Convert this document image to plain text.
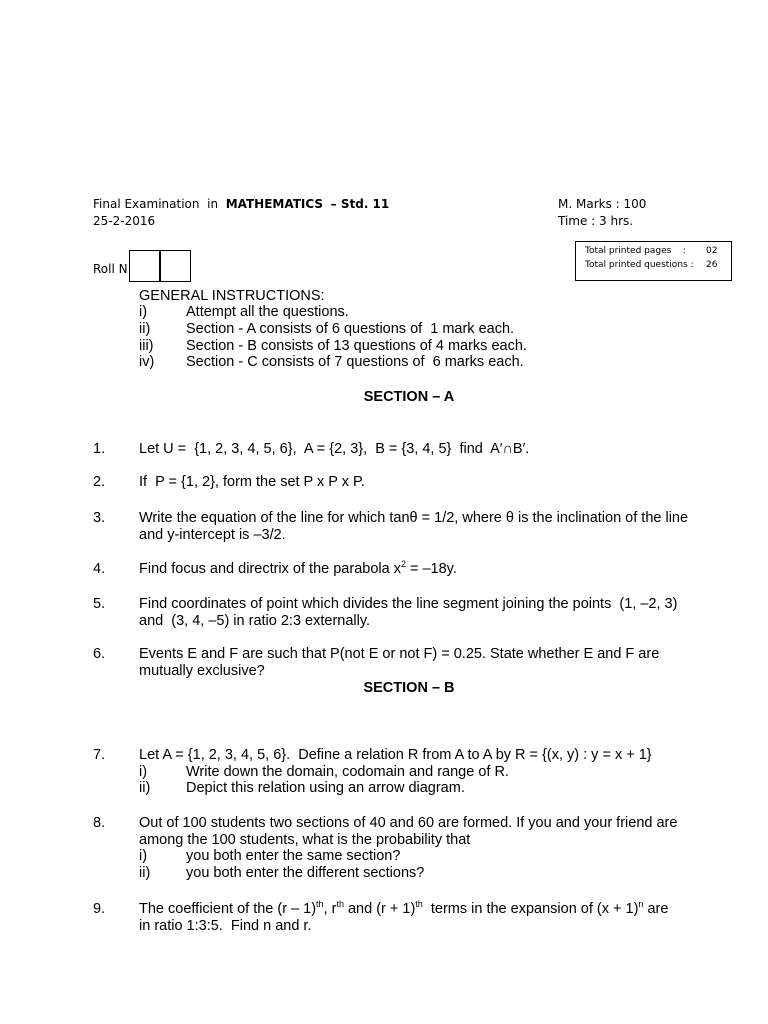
Final Examination  in MATHEMATICS – Std. 11
25-2-2016
M. Marks : 100
Time : 3 hrs.
Total printed pages    : 02
Total printed questions : 26
Roll N
GENERAL INSTRUCTIONS:
i)	Attempt all the questions.
ii) Section - A consists of 6 questions of  1 mark each.
iii) Section - B consists of 13 questions of 4 marks each.
iv) Section - C consists of 7 questions of  6 marks each.
SECTION – A
1. Let U =  {1, 2, 3, 4, 5, 6},  A = {2, 3},  B = {3, 4, 5}  find  A′∩B′.
2. If  P = {1, 2}, form the set P x P x P.
3. Write the equation of the line for which tanθ = 1/2, where θ is the inclination of the line
and y-intercept is –3/2.
4. Find focus and directrix of the parabola $x^2 = -18y$.
5. Find coordinates of point which divides the line segment joining the points  (1, –2, 3)
and  (3, 4, –5) in ratio 2:3 externally.
6. Events E and F are such that P(not E or not F) = 0.25. State whether E and F are
mutually exclusive?
SECTION – B
7. Let A = {1, 2, 3, 4, 5, 6}.  Define a relation R from A to A by R = {(x, y) : y = x + 1}
i)	Write down the domain, codomain and range of R.
ii) Depict this relation using an arrow diagram.
8. Out of 100 students two sections of 40 and 60 are formed. If you and your friend are
among the 100 students, what is the probability that
i)	you both enter the same section?
ii) you both enter the different sections?
9. The coefficient of the (r – 1)$^{th}$, $r^{th}$ and $(r + 1)^{th}$  terms in the expansion of $(x + 1)^n$ are
in ratio 1:3:5.  Find n and r.
